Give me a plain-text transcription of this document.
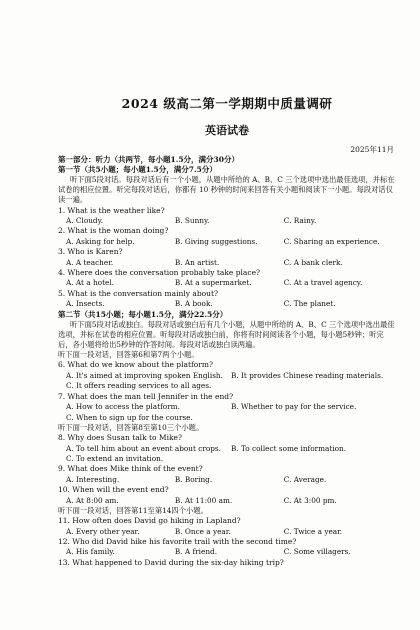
2024 级高二第一学期期中质量调研
英语试卷
2025年11月
第一部分：听力（共两节，每小题1.5分，满分30分）
第一节（共5小题；每小题1.5分，满分7.5分）
听下面5段对话。每段对话后有一个小题，从题中所给的 A、B、C 三个选项中选出最佳选项，并标在试卷的相应位置。听完每段对话后，你都有 10 秒钟的时间来回答有关小题和阅读下一小题。每段对话仅读一遍。
1. What is the weather like?
A. Cloudy.	B. Sunny.	C. Rainy.
2. What is the woman doing?
A. Asking for help.	B. Giving suggestions.	C. Sharing an experience.
3. Who is Karen?
A. A teacher.	B. An artist.	C. A bank clerk.
4. Where does the conversation probably take place?
A. At a hotel.	B. At a supermarket.	C. At a travel agency.
5. What is the conversation mainly about?
A. Insects.	B. A book.	C. The planet.
第二节（共15小题；每小题1.5分，满分22.5分）
听下面5段对话或独白。每段对话或独白后有几个小题，从题中所给的 A、B、C 三个选项中选出最佳选项，并标在试卷的相应位置。听每段对话或独白前，你将有时间阅读各个小题，每小题5秒钟；听完后，各小题将给出5秒钟的作答时间。每段对话或独白读两遍。
听下面一段对话，回答第6和第7两个小题。
6. What do we know about the platform?
A. It's aimed at improving spoken English.	B. It provides Chinese reading materials.
C. It offers reading services to all ages.
7. What does the man tell Jennifer in the end?
A. How to access the platform.	B. Whether to pay for the service.
C. When to sign up for the course.
听下面一段对话，回答第8至第10三个小题。
8. Why does Susan talk to Mike?
A. To tell him about an event about crops.	B. To collect some information.
C. To extend an invitation.
9. What does Mike think of the event?
A. Interesting.	B. Boring.	C. Average.
10. When will the event end?
A. At 8:00 am.	B. At 11:00 am.	C. At 3:00 pm.
听下面一段对话，回答第11至第14四个小题。
11. How often does David go hiking in Lapland?
A. Every other year.	B. Once a year.	C. Twice a year.
12. Who did David hike his favorite trail with the second time?
A. His family.	B. A friend.	C. Some villagers.
13. What happened to David during the six-day hiking trip?
